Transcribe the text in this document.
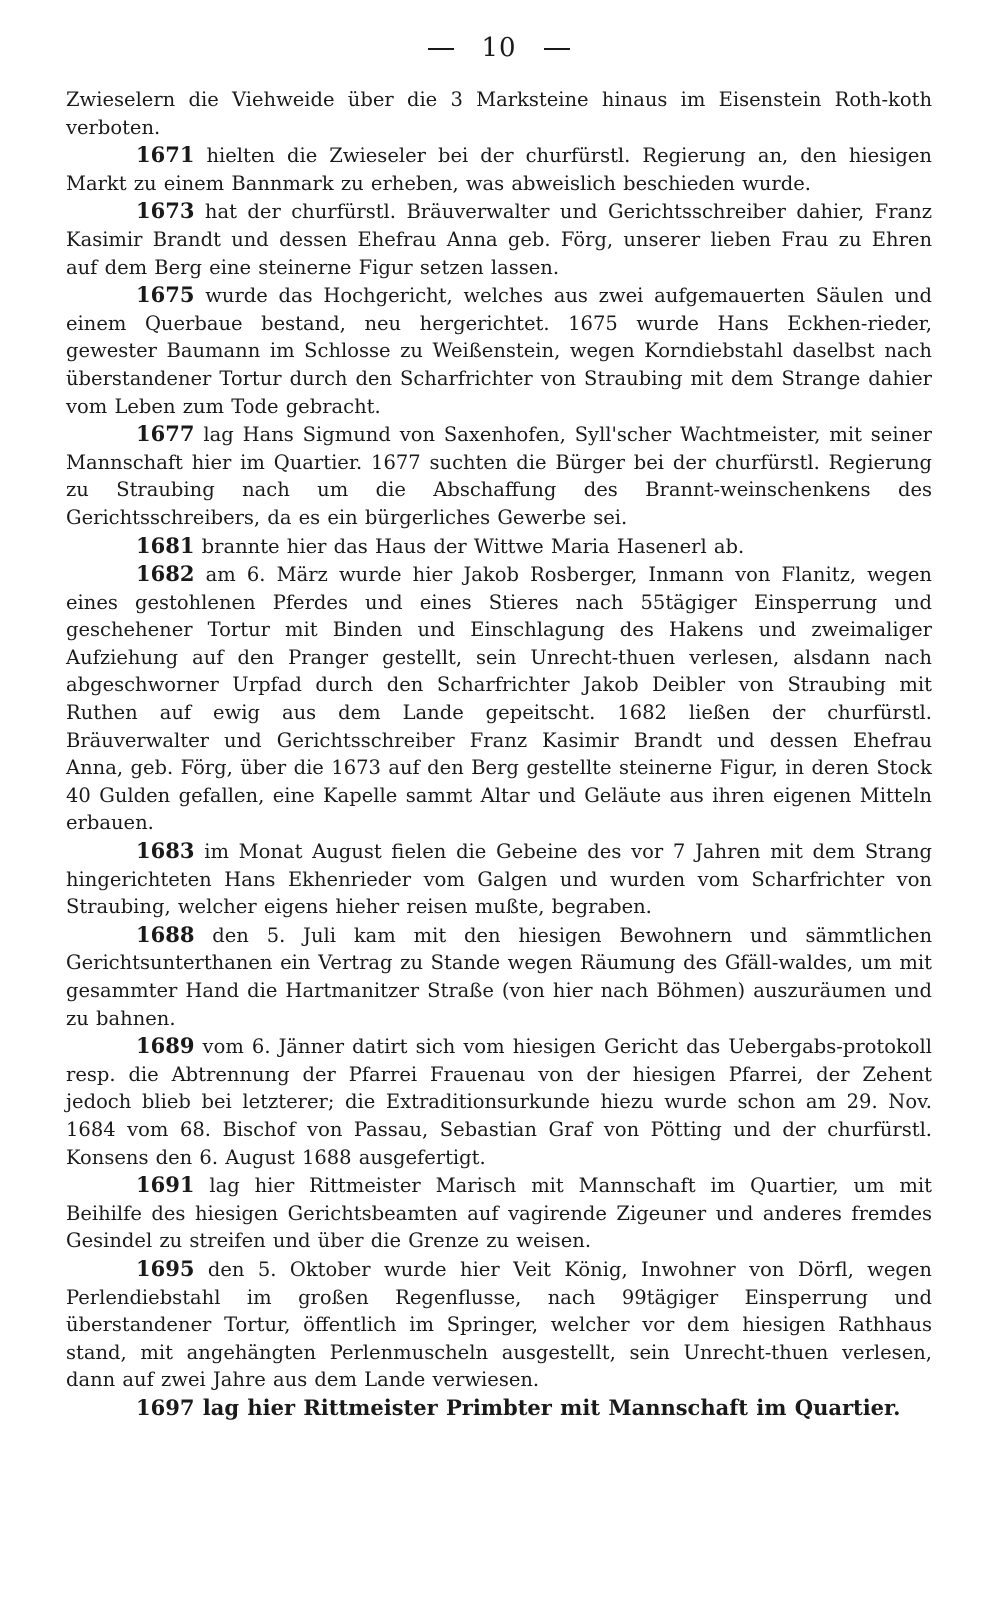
10

Zwieselern die Viehweide über die 3 Marksteine hinaus im Eisenstein Roth-koth verboten.

1671 hielten die Zwieseler bei der churfürstl. Regierung an, den hiesigen Markt zu einem Bannmark zu erheben, was abweislich beschieden wurde.

1673 hat der churfürstl. Bräuverwalter und Gerichtsschreiber dahier, Franz Kasimir Brandt und dessen Ehefrau Anna geb. Förg, unserer lieben Frau zu Ehren auf dem Berg eine steinerne Figur setzen lassen.

1675 wurde das Hochgericht, welches aus zwei aufgemauerten Säulen und einem Querbaue bestand, neu hergerichtet. 1675 wurde Hans Eckhen-rieder, gewester Baumann im Schlosse zu Weißenstein, wegen Korndiebstahl daselbst nach überstandener Tortur durch den Scharfrichter von Straubing mit dem Strange dahier vom Leben zum Tode gebracht.

1677 lag Hans Sigmund von Saxenhofen, Syll'scher Wachtmeister, mit seiner Mannschaft hier im Quartier. 1677 suchten die Bürger bei der churfürstl. Regierung zu Straubing nach um die Abschaffung des Brannt-weinschenkens des Gerichtsschreibers, da es ein bürgerliches Gewerbe sei.

1681 brannte hier das Haus der Wittwe Maria Hasenerl ab.

1682 am 6. März wurde hier Jakob Rosberger, Inmann von Flanitz, wegen eines gestohlenen Pferdes und eines Stieres nach 55tägiger Einsperrung und geschehener Tortur mit Binden und Einschlagung des Hakens und zweimaliger Aufziehung auf den Pranger gestellt, sein Unrecht-thuen verlesen, alsdann nach abgeschworner Urpfad durch den Scharfrichter Jakob Deibler von Straubing mit Ruthen auf ewig aus dem Lande gepeitscht. 1682 ließen der churfürstl. Bräuverwalter und Gerichtsschreiber Franz Kasimir Brandt und dessen Ehefrau Anna, geb. Förg, über die 1673 auf den Berg gestellte steinerne Figur, in deren Stock 40 Gulden gefallen, eine Kapelle sammt Altar und Geläute aus ihren eigenen Mitteln erbauen.

1683 im Monat August fielen die Gebeine des vor 7 Jahren mit dem Strang hingerichteten Hans Ekhenrieder vom Galgen und wurden vom Scharfrichter von Straubing, welcher eigens hieher reisen mußte, begraben.

1688 den 5. Juli kam mit den hiesigen Bewohnern und sämmtlichen Gerichtsunterthanen ein Vertrag zu Stande wegen Räumung des Gfäll-waldes, um mit gesammter Hand die Hartmanitzer Straße (von hier nach Böhmen) auszuräumen und zu bahnen.

1689 vom 6. Jänner datirt sich vom hiesigen Gericht das Uebergabs-protokoll resp. die Abtrennung der Pfarrei Frauenau von der hiesigen Pfarrei, der Zehent jedoch blieb bei letzterer; die Extraditionsurkunde hiezu wurde schon am 29. Nov. 1684 vom 68. Bischof von Passau, Sebastian Graf von Pötting und der churfürstl. Konsens den 6. August 1688 ausgefertigt.

1691 lag hier Rittmeister Marisch mit Mannschaft im Quartier, um mit Beihilfe des hiesigen Gerichtsbeamten auf vagirende Zigeuner und anderes fremdes Gesindel zu streifen und über die Grenze zu weisen.

1695 den 5. Oktober wurde hier Veit König, Inwohner von Dörfl, wegen Perlendiebstahl im großen Regenflusse, nach 99tägiger Einsperrung und überstandener Tortur, öffentlich im Springer, welcher vor dem hiesigen Rathhaus stand, mit angehängten Perlenmuscheln ausgestellt, sein Unrecht-thuen verlesen, dann auf zwei Jahre aus dem Lande verwiesen.

1697 lag hier Rittmeister Primbter mit Mannschaft im Quartier.
